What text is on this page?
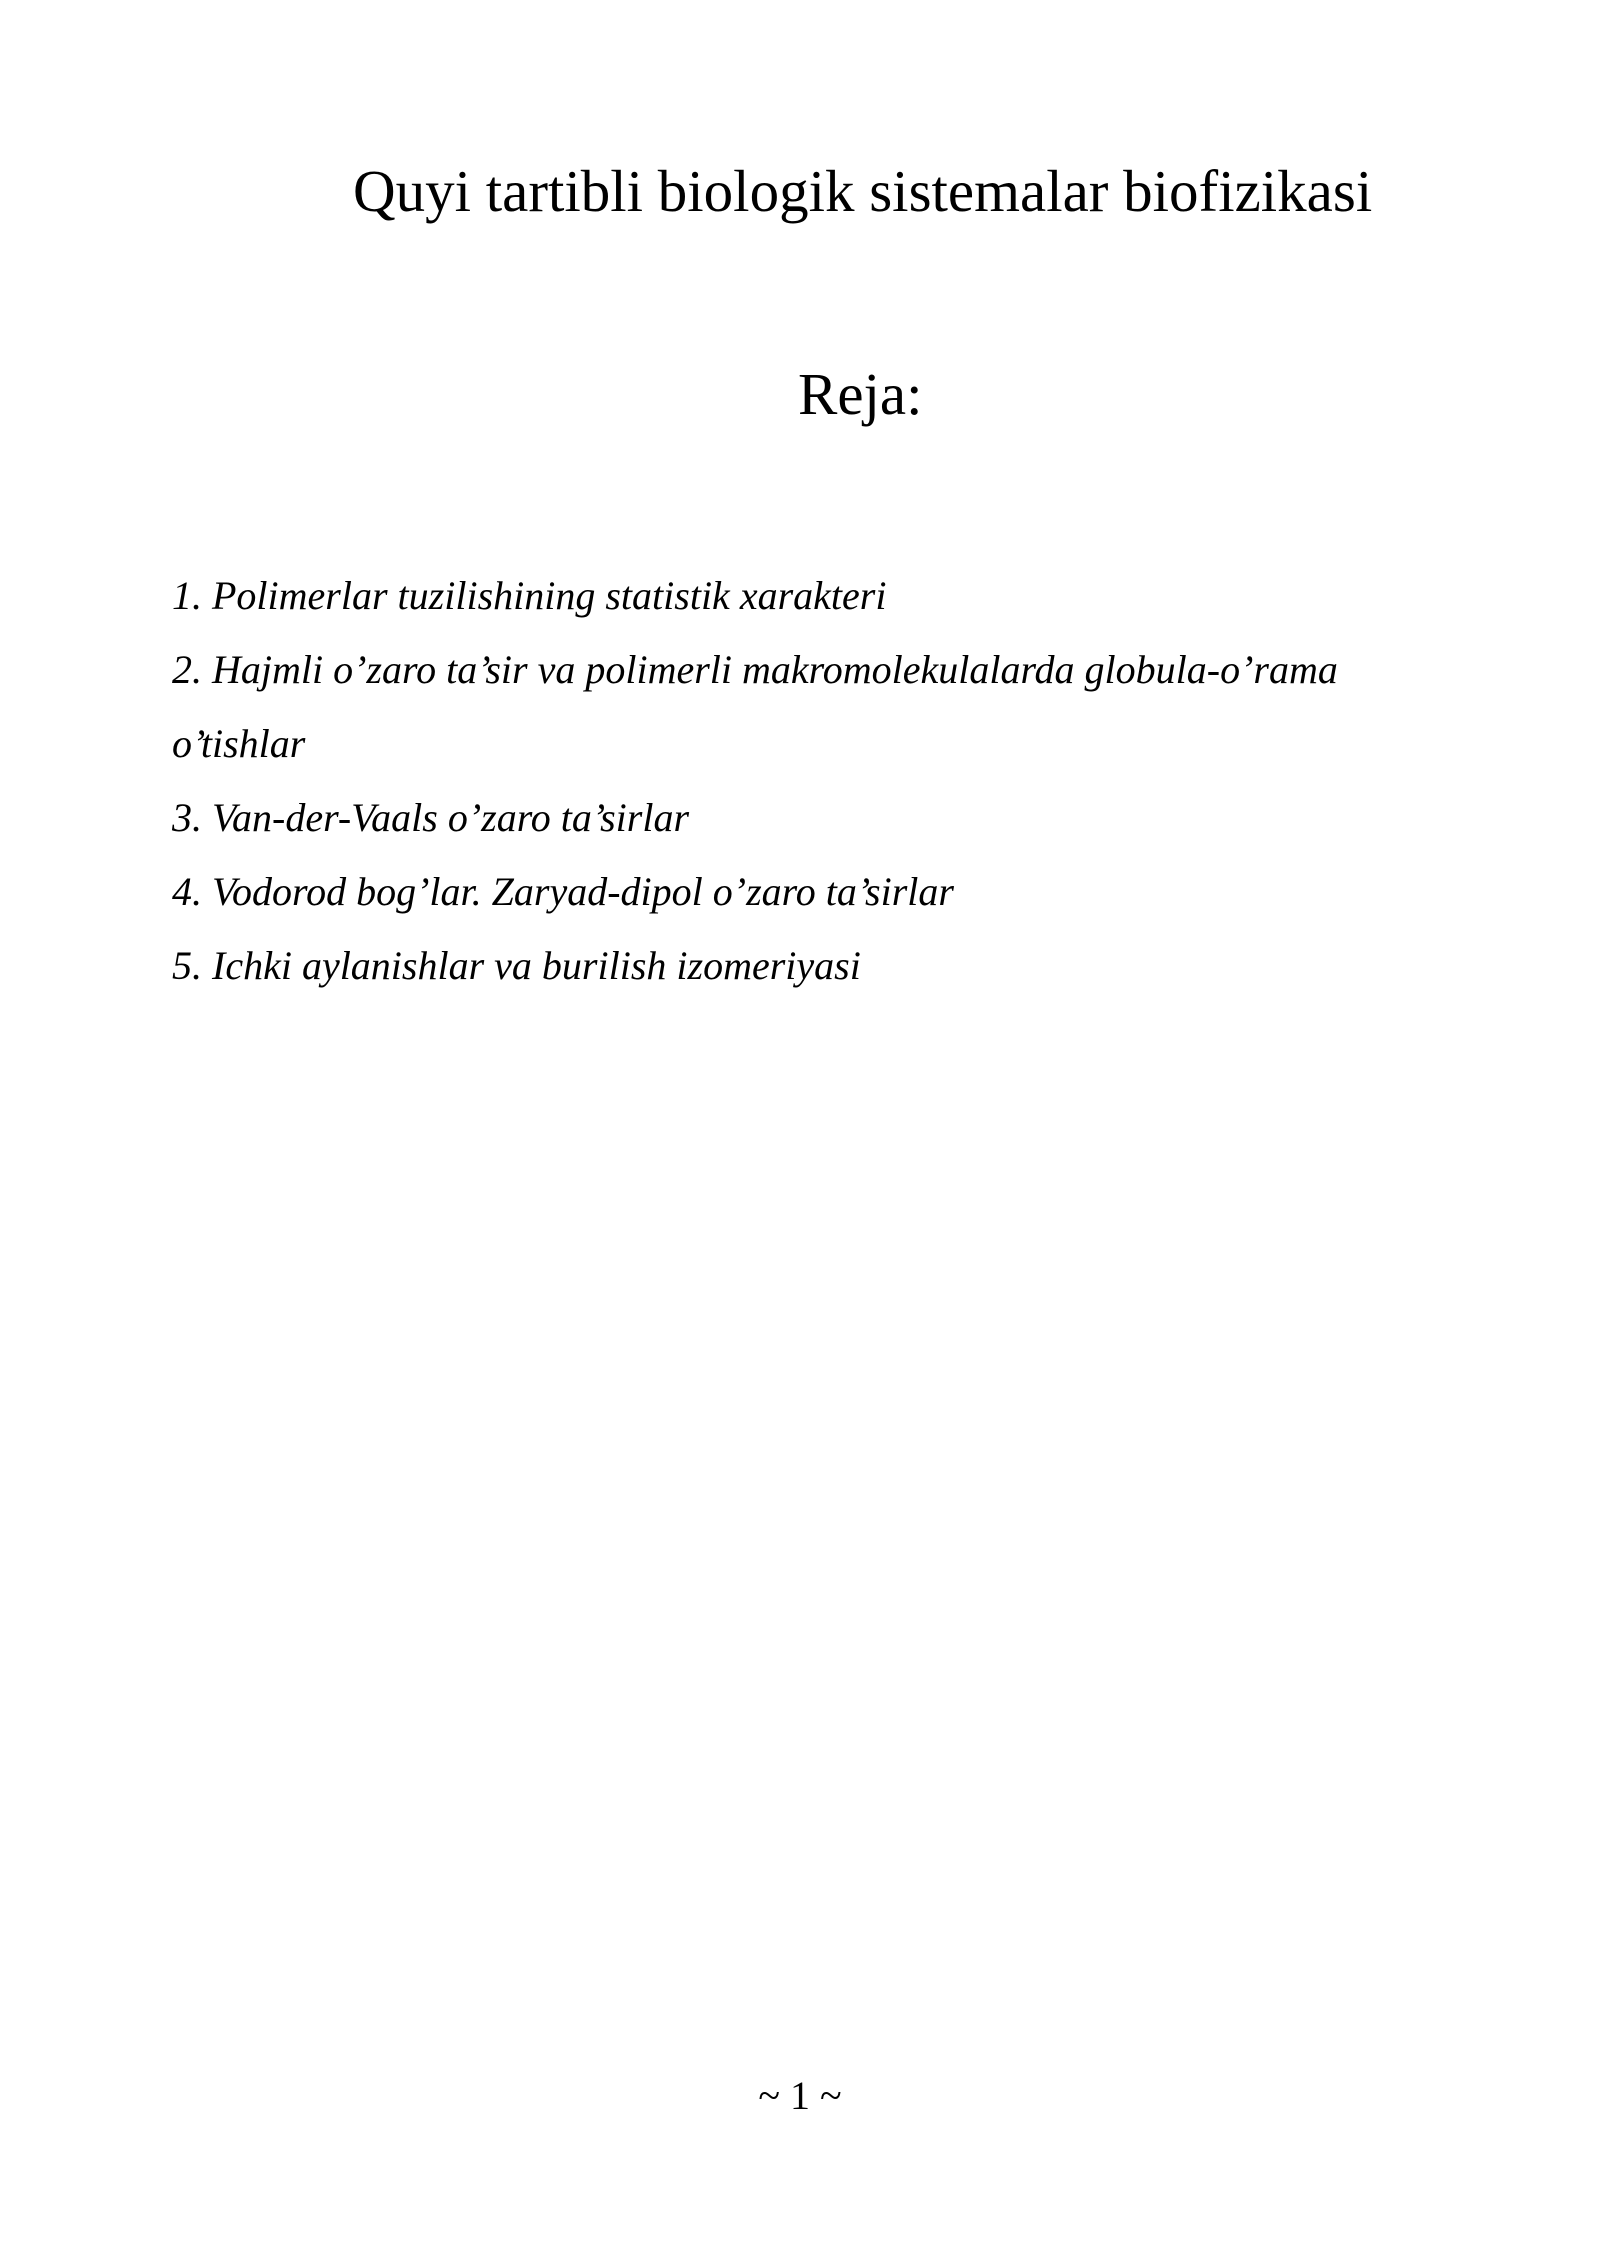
Quyi tartibli biologik sistemalar biofizikasi
Reja:
1. Polimerlar tuzilishining statistik xarakteri
2. Hajmli o’zaro ta’sir va polimerli makromolekulalarda globula-o’rama
o’tishlar
3. Van-der-Vaals o’zaro ta’sirlar
4. Vodorod bog’lar. Zaryad-dipol o’zaro ta’sirlar
5. Ichki aylanishlar va burilish izomeriyasi
~ 1 ~
